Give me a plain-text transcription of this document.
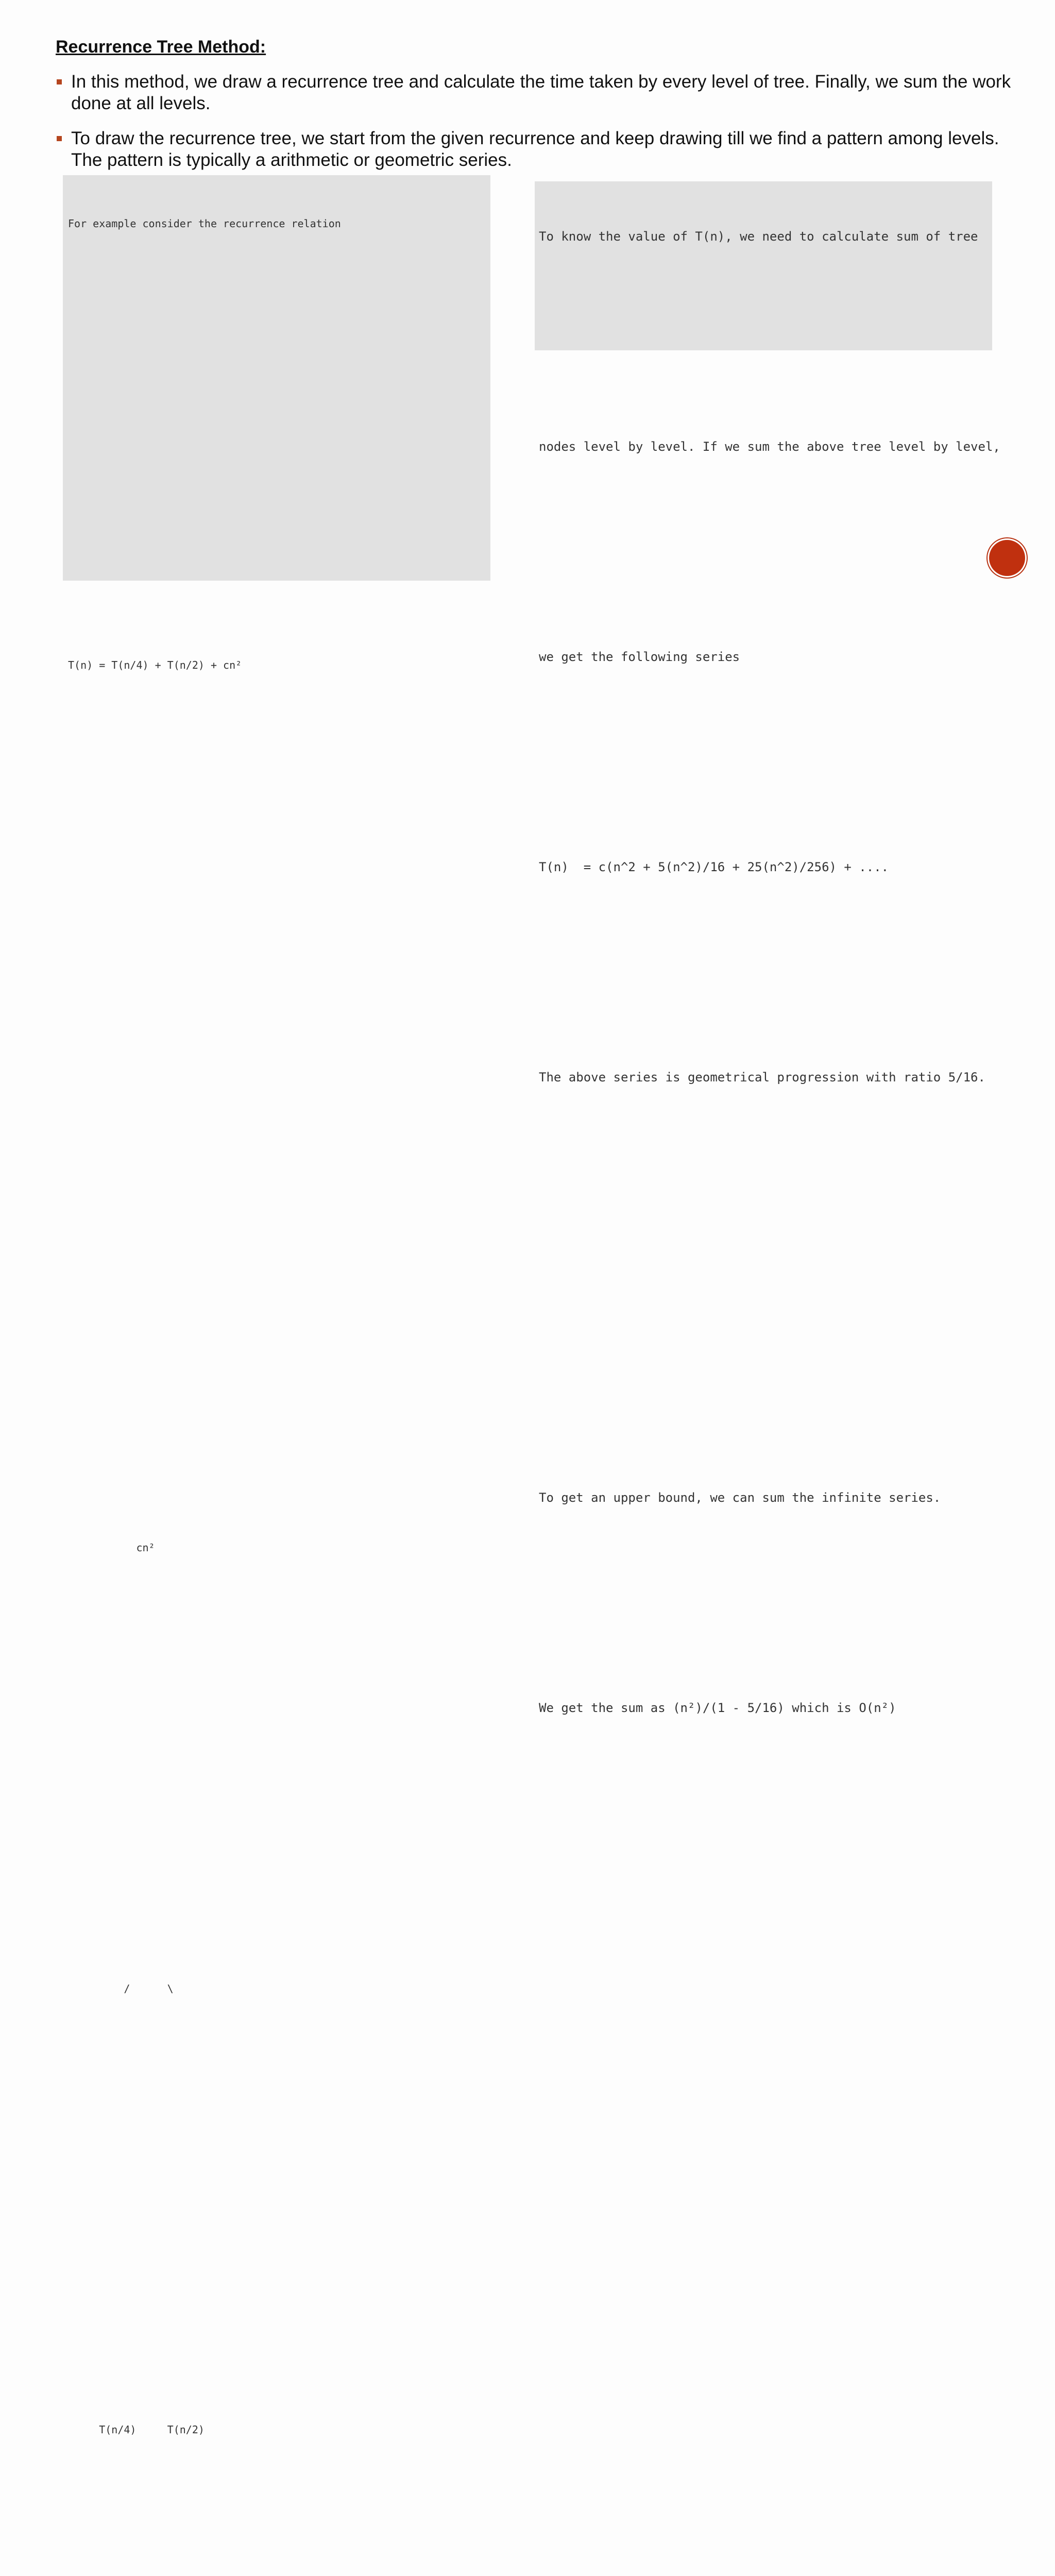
Recurrence Tree Method:
In this method, we draw a recurrence tree and calculate the time taken by every level of tree. Finally, we sum the work done at all levels.
To draw the recurrence tree, we start from the given recurrence and keep drawing till we find a pattern among levels. The pattern is typically a arithmetic or geometric series.

For example consider the recurrence relation

T(n) = T(n/4) + T(n/2) + cn²

cn²

/      \

T(n/4)     T(n/2)

To know the value of T(n), we need to calculate sum of tree

nodes level by level. If we sum the above tree level by level,

we get the following series

T(n)  = c(n^2 + 5(n^2)/16 + 25(n^2)/256) + ....

The above series is geometrical progression with ratio 5/16.

To get an upper bound, we can sum the infinite series.

We get the sum as (n²)/(1 - 5/16) which is O(n²)
